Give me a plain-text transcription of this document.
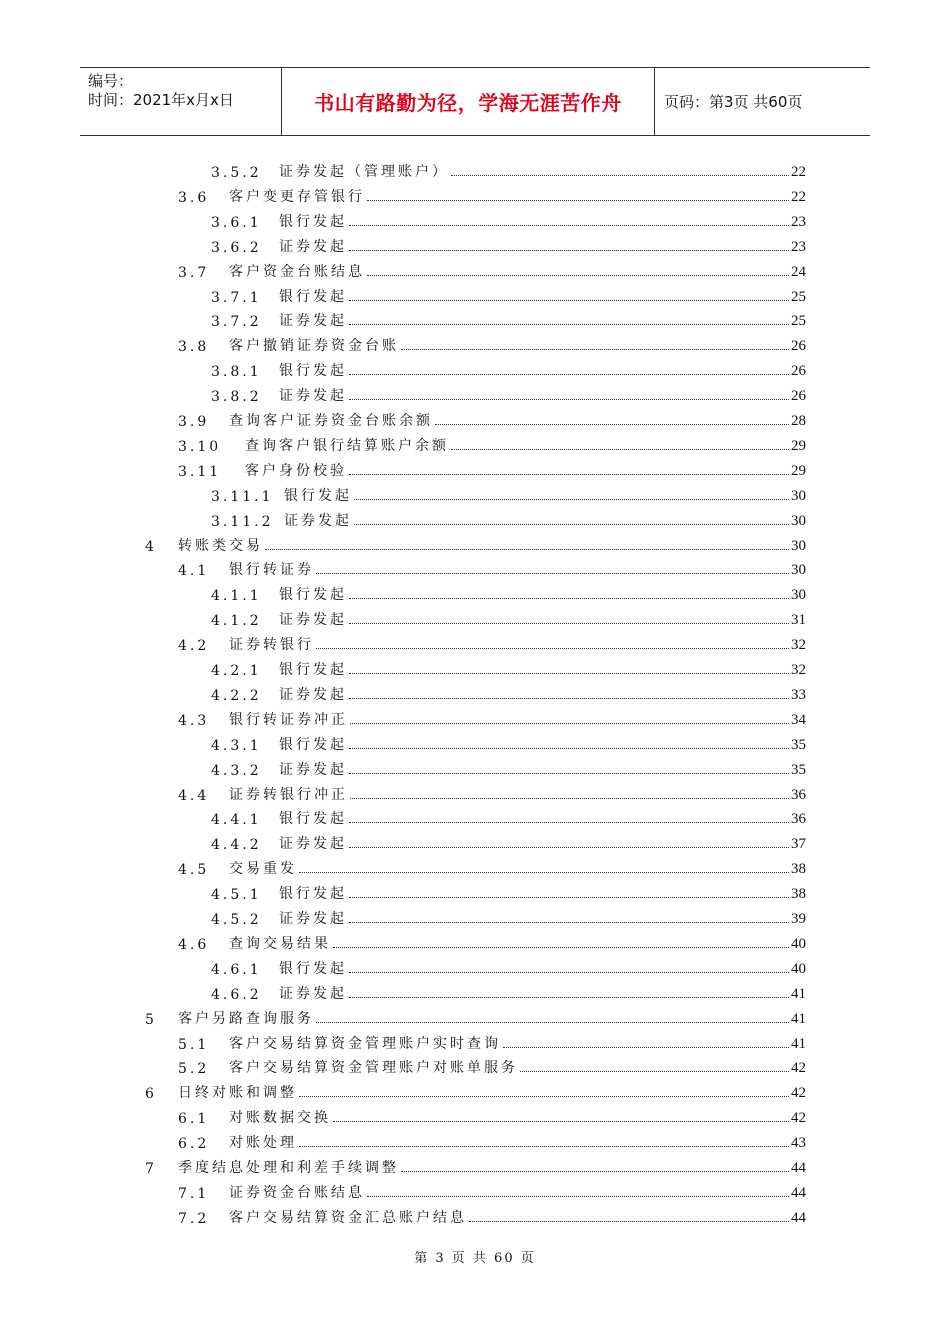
编号：
时间：2021年x月x日	书山有路勤为径，学海无涯苦作舟	页码：第3页 共60页
3.5.2	证券发起（管理账户）	22
3.6	客户变更存管银行	22
3.6.1	银行发起	23
3.6.2	证券发起	23
3.7	客户资金台账结息	24
3.7.1	银行发起	25
3.7.2	证券发起	25
3.8	客户撤销证券资金台账	26
3.8.1	银行发起	26
3.8.2	证券发起	26
3.9	查询客户证券资金台账余额	28
3.10	查询客户银行结算账户余额	29
3.11	客户身份校验	29
3.11.1 银行发起	30
3.11.2 证券发起	30
4	转账类交易	30
4.1	银行转证券	30
4.1.1	银行发起	30
4.1.2	证券发起	31
4.2	证券转银行	32
4.2.1	银行发起	32
4.2.2	证券发起	33
4.3	银行转证券冲正	34
4.3.1	银行发起	35
4.3.2	证券发起	35
4.4	证券转银行冲正	36
4.4.1	银行发起	36
4.4.2	证券发起	37
4.5	交易重发	38
4.5.1	银行发起	38
4.5.2	证券发起	39
4.6	查询交易结果	40
4.6.1	银行发起	40
4.6.2	证券发起	41
5	客户另路查询服务	41
5.1	客户交易结算资金管理账户实时查询	41
5.2	客户交易结算资金管理账户对账单服务	42
6	日终对账和调整	42
6.1	对账数据交换	42
6.2	对账处理	43
7	季度结息处理和利差手续调整	44
7.1	证券资金台账结息	44
7.2	客户交易结算资金汇总账户结息	44
第 3 页 共 60 页
